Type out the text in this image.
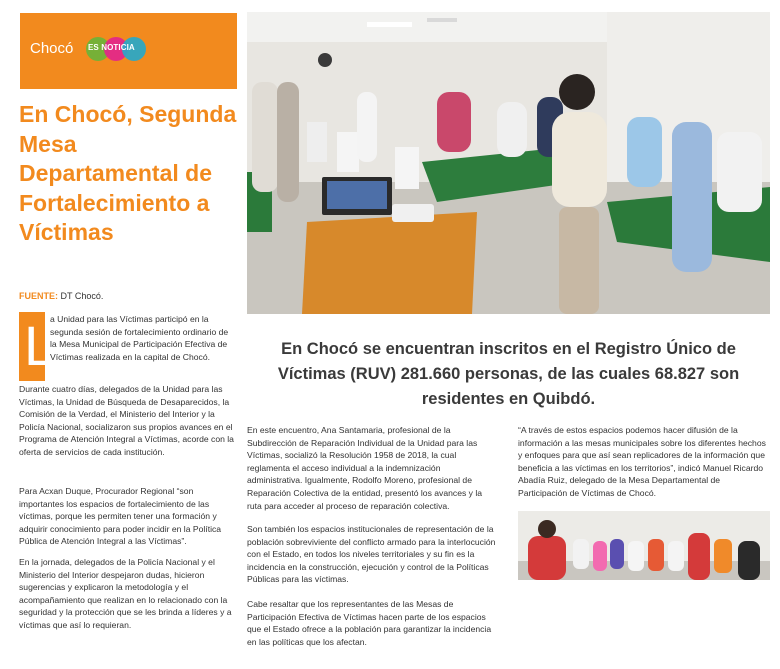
Chocó ES NOTICIA
En Chocó, Segunda Mesa Departamental de Fortalecimiento a Víctimas
FUENTE: DT Chocó.
L

a Unidad para las Víctimas participó en la segunda sesión de fortalecimiento ordinario de la Mesa Municipal de Participación Efectiva de Víctimas realizada en la capital de Chocó.

Durante cuatro días, delegados de la Unidad para las Víctimas, la Unidad de Búsqueda de Desaparecidos, la Comisión de la Verdad, el Ministerio del Interior y la Policía Nacional, socializaron sus propios avances en el Programa de Atención Integral a Víctimas, acorde con la oferta de servicios de cada institución.

Para Acxan Duque, Procurador Regional “son importantes los espacios de fortalecimiento de las víctimas, porque les permiten tener una formación y adquirir conocimiento para poder incidir en la Política Pública de Atención Integral a las Víctimas”.

En la jornada, delegados de la Policía Nacional y el Ministerio del Interior despejaron dudas, hicieron sugerencias y explicaron la metodología y el acompañamiento que realizan en lo relacionado con la seguridad y la protección que se les brinda a líderes y a víctimas que así lo requieran.

En Chocó se encuentran inscritos en el Registro Único de Víctimas (RUV) 281.660 personas, de las cuales 68.827 son residentes en Quibdó.

En este encuentro, Ana Santamaria, profesional de la Subdirección de Reparación Individual de la Unidad para las Víctimas, socializó la Resolución 1958 de 2018, la cual reglamenta el acceso individual a la indemnización administrativa. Igualmente, Rodolfo Moreno, profesional de Reparación Colectiva de la entidad, presentó los avances y la ruta para acceder al proceso de reparación colectiva.

Son también los espacios institucionales de representación de la población sobreviviente del conflicto armado para la interlocución con el Estado, en todos los niveles territoriales y su fin es la incidencia en la construcción, ejecución y control de la Políticas Públicas para las víctimas.

Cabe resaltar que los representantes de las Mesas de Participación Efectiva de Víctimas hacen parte de los espacios que el Estado ofrece a la población para garantizar la incidencia en las políticas que los afectan.

“A través de estos espacios podemos hacer difusión de la información a las mesas municipales sobre los diferentes hechos y enfoques para que así sean replicadores de la información que beneficia a las víctimas en los territorios”, indicó Manuel Ricardo Abadía Ruiz, delegado de la Mesa Departamental de Participación de Víctimas de Chocó.
